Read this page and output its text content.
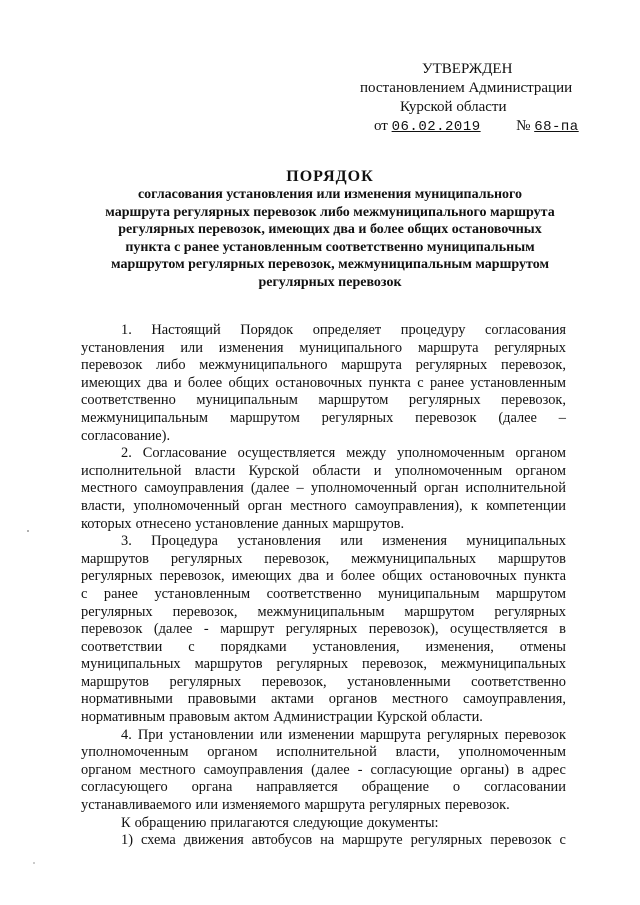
УТВЕРЖДЕН
постановлением Администрации
Курской области
от 06.02.2019 № 68-па
ПОРЯДОК
согласования установления или изменения муниципального
маршрута регулярных перевозок либо межмуниципального маршрута
регулярных перевозок, имеющих два и более общих остановочных
пункта с ранее установленным соответственно муниципальным
маршрутом регулярных перевозок, межмуниципальным маршрутом
регулярных перевозок
1. Настоящий Порядок определяет процедуру согласования
установления или изменения муниципального маршрута регулярных
перевозок либо межмуниципального маршрута регулярных перевозок,
имеющих два и более общих остановочных пункта с ранее установленным
соответственно муниципальным маршрутом регулярных перевозок,
межмуниципальным маршрутом регулярных перевозок (далее –
согласование).
2. Согласование осуществляется между уполномоченным органом
исполнительной власти Курской области и уполномоченным органом
местного самоуправления (далее – уполномоченный орган исполнительной
власти, уполномоченный орган местного самоуправления), к компетенции
которых отнесено установление данных маршрутов.
3. Процедура установления или изменения муниципальных
маршрутов регулярных перевозок, межмуниципальных маршрутов
регулярных перевозок, имеющих два и более общих остановочных пункта
с ранее установленным соответственно муниципальным маршрутом
регулярных перевозок, межмуниципальным маршрутом регулярных
перевозок (далее - маршрут регулярных перевозок), осуществляется в
соответствии с порядками установления, изменения, отмены
муниципальных маршрутов регулярных перевозок, межмуниципальных
маршрутов регулярных перевозок, установленными соответственно
нормативными правовыми актами органов местного самоуправления,
нормативным правовым актом Администрации Курской области.
4. При установлении или изменении маршрута регулярных перевозок
уполномоченным органом исполнительной власти, уполномоченным
органом местного самоуправления (далее - согласующие органы) в адрес
согласующего органа направляется обращение о согласовании
устанавливаемого или изменяемого маршрута регулярных перевозок.
К обращению прилагаются следующие документы:
1) схема движения автобусов на маршруте регулярных перевозок с
